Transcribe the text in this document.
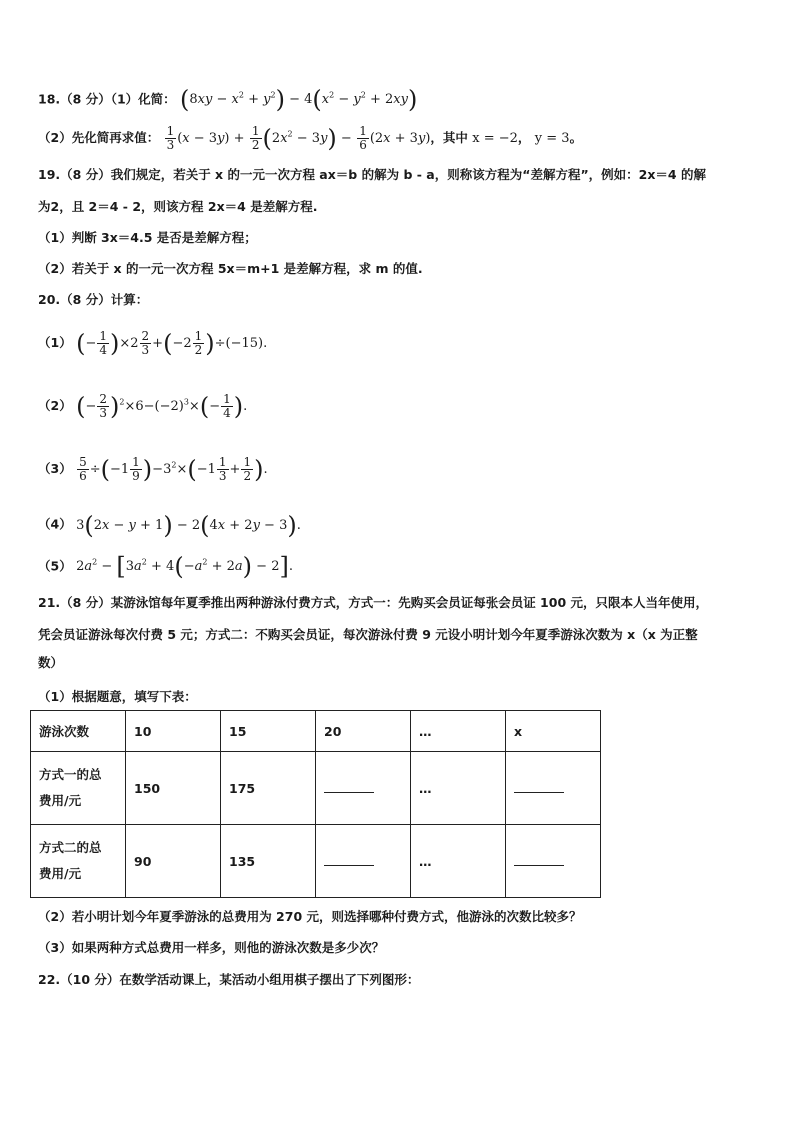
18.（8 分）（1）化简： $(8xy - x^2 + y^2) - 4(x^2 - y^2 + 2xy)$
（2）先化简再求值： $\frac{1}{3} (x - 3y) + \frac{1}{2} (2x^2 - 3y) - \frac{1}{6} (2x + 3y)$，其中 x = −2， y = 3。
19.（8 分）我们规定，若关于 x 的一元一次方程 ax＝b 的解为 b - a，则称该方程为“差解方程”，例如：2x＝4 的解
为2，且 2＝4 - 2，则该方程 2x＝4 是差解方程.
（1）判断 3x＝4.5 是否是差解方程；
（2）若关于 x 的一元一次方程 5x＝m+1 是差解方程，求 m 的值.
20.（8 分）计算：
（1） (− $\frac{1}{4} )\times 2 \frac{2}{3} +(-2 \frac{1}{2} )\div(-15)$.
（2） (− $\frac{2}{3} )^2\times 6-(-2)^3\times(- \frac{1}{4}$ ).
$(3) \frac{5}{6} \div(-1 \frac{1}{9} )-3^2\times(-1 \frac{1}{3} + \frac{1}{2}$ ).
（4） 3(2x − y + 1) − 2(4x + 2y − 3).
（5） $2a^2 - [3a^2 + 4(-a^2 + 2a) - 2]$.
21.（8 分）某游泳馆每年夏季推出两种游泳付费方式，方式一：先购买会员证每张会员证 100 元，只限本人当年使用，
凭会员证游泳每次付费 5 元；方式二：不购买会员证，每次游泳付费 9 元设小明计划今年夏季游泳次数为 x（x 为正整
数）
（1）根据题意，填写下表：
游泳次数	10	15	20	…	x

方式一的总
费用/元	150	175		…	

方式二的总
费用/元	90	135		…	
（2）若小明计划今年夏季游泳的总费用为 270 元，则选择哪种付费方式，他游泳的次数比较多？
（3）如果两种方式总费用一样多，则他的游泳次数是多少次？
22.（10 分）在数学活动课上，某活动小组用棋子摆出了下列图形：
